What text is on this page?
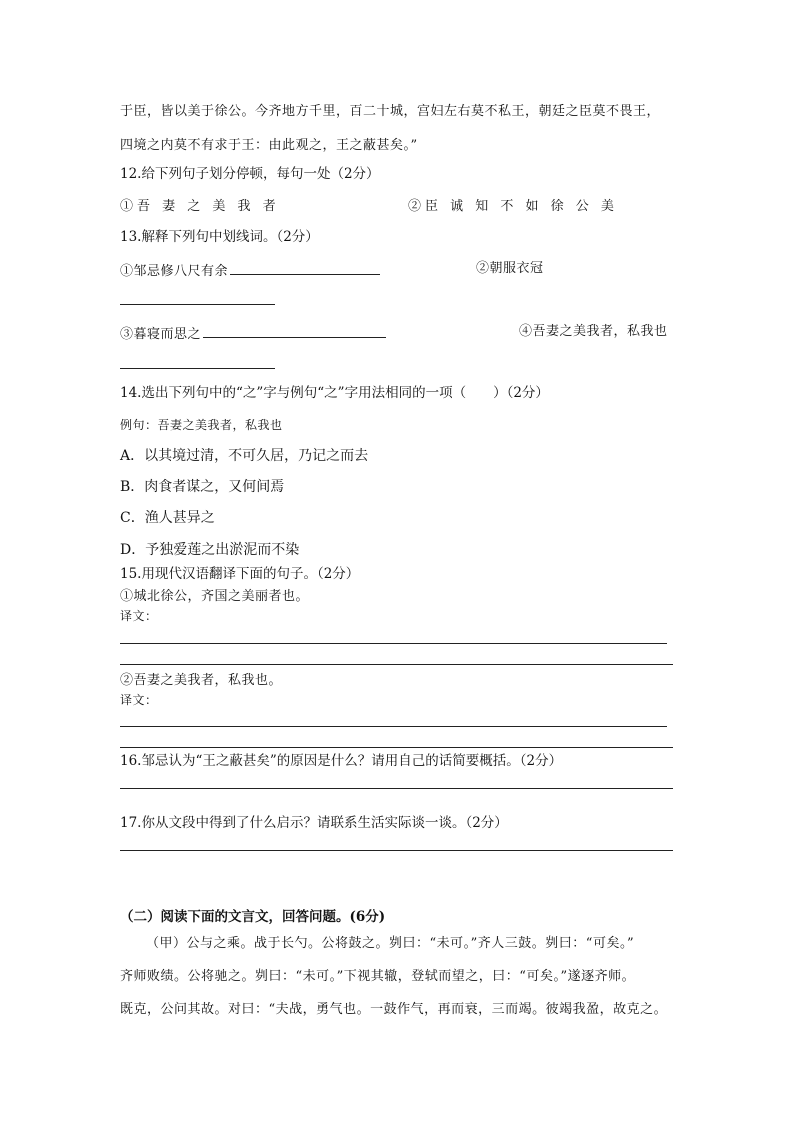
于臣，皆以美于徐公。今齐地方千里，百二十城，宫妇左右莫不私王，朝廷之臣莫不畏王，
四境之内莫不有求于王：由此观之，王之蔽甚矣。”
12.给下列句子划分停顿，每句一处（2分）
①吾 妻 之 美 我 者	②臣 诚 知 不 如 徐 公 美
13.解释下列句中划线词。（2分）
①邹忌修八尺有余	②朝服衣冠
③暮寝而思之	④吾妻之美我者，私我也
14.选出下列句中的“之”字与例句“之”字用法相同的一项（　　）（2分）
例句：吾妻之美我者，私我也
A．以其境过清，不可久居，乃记之而去
B．肉食者谋之，又何间焉
C．渔人甚异之
D．予独爱莲之出淤泥而不染
15.用现代汉语翻译下面的句子。（2分）
①城北徐公，齐国之美丽者也。
译文：
②吾妻之美我者，私我也。
译文：
16.邹忌认为“王之蔽甚矣”的原因是什么？请用自己的话简要概括。（2分）
17.你从文段中得到了什么启示？请联系生活实际谈一谈。（2分）
（二）阅读下面的文言文，回答问题。(6分)
（甲）公与之乘。战于长勺。公将鼓之。刿曰：“未可。”齐人三鼓。刿曰：“可矣。”
齐师败绩。公将驰之。刿曰：“未可。”下视其辙，登轼而望之，曰：“可矣。”遂逐齐师。
既克，公问其故。对曰：“夫战，勇气也。一鼓作气，再而衰，三而竭。彼竭我盈，故克之。
